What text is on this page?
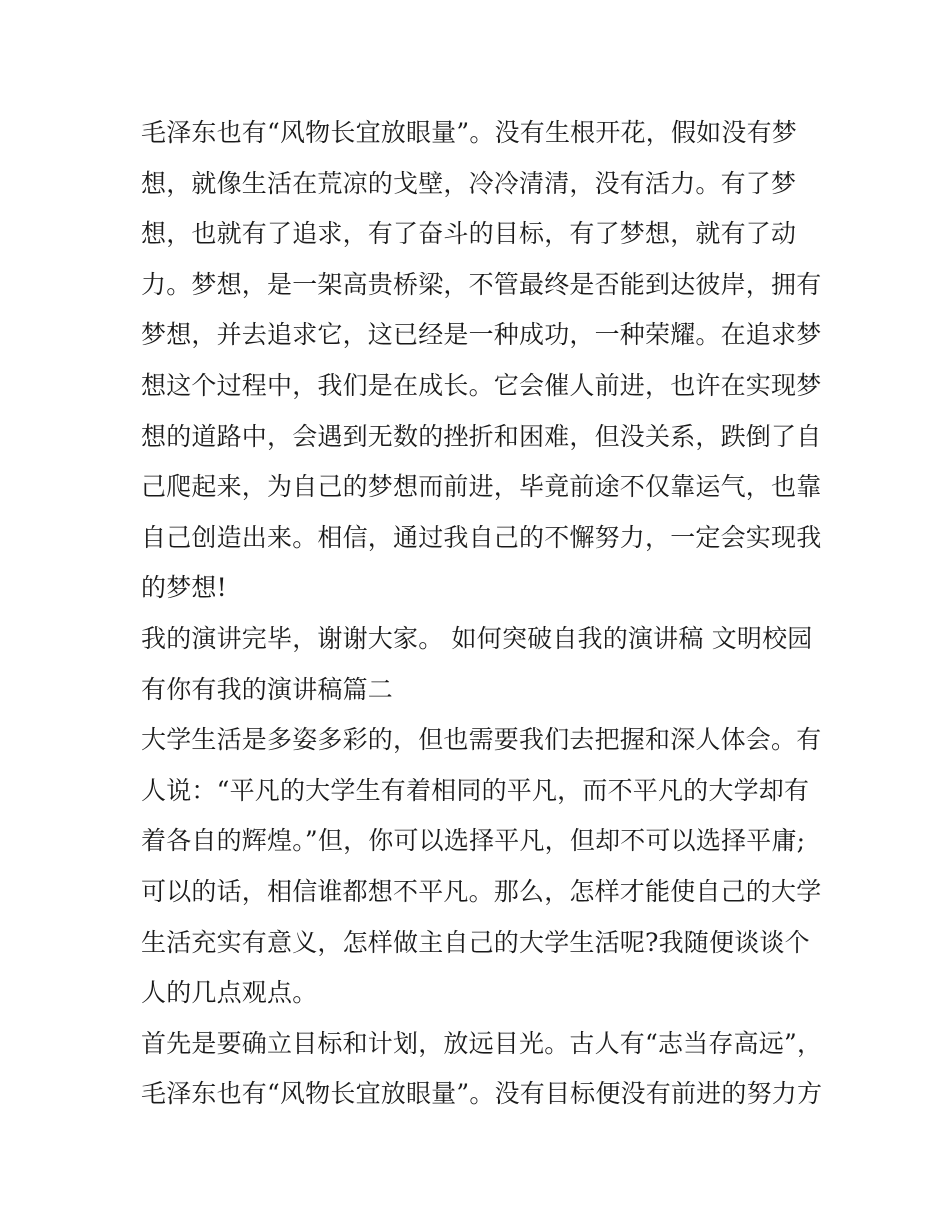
毛泽东也有“风物长宜放眼量”。没有生根开花，假如没有梦
想，就像生活在荒凉的戈壁，冷冷清清，没有活力。有了梦
想，也就有了追求，有了奋斗的目标，有了梦想，就有了动
力。梦想，是一架高贵桥梁，不管最终是否能到达彼岸，拥有
梦想，并去追求它，这已经是一种成功，一种荣耀。在追求梦
想这个过程中，我们是在成长。它会催人前进，也许在实现梦
想的道路中，会遇到无数的挫折和困难，但没关系，跌倒了自
己爬起来，为自己的梦想而前进，毕竟前途不仅靠运气，也靠
自己创造出来。相信，通过我自己的不懈努力，一定会实现我
的梦想!
我的演讲完毕，谢谢大家。 如何突破自我的演讲稿 文明校园
有你有我的演讲稿篇二
大学生活是多姿多彩的，但也需要我们去把握和深人体会。有
人说：“平凡的大学生有着相同的平凡，而不平凡的大学却有
着各自的辉煌。”但，你可以选择平凡，但却不可以选择平庸;
可以的话，相信谁都想不平凡。那么，怎样才能使自己的大学
生活充实有意义，怎样做主自己的大学生活呢?我随便谈谈个
人的几点观点。
首先是要确立目标和计划，放远目光。古人有“志当存高远”，
毛泽东也有“风物长宜放眼量”。没有目标便没有前进的努力方
